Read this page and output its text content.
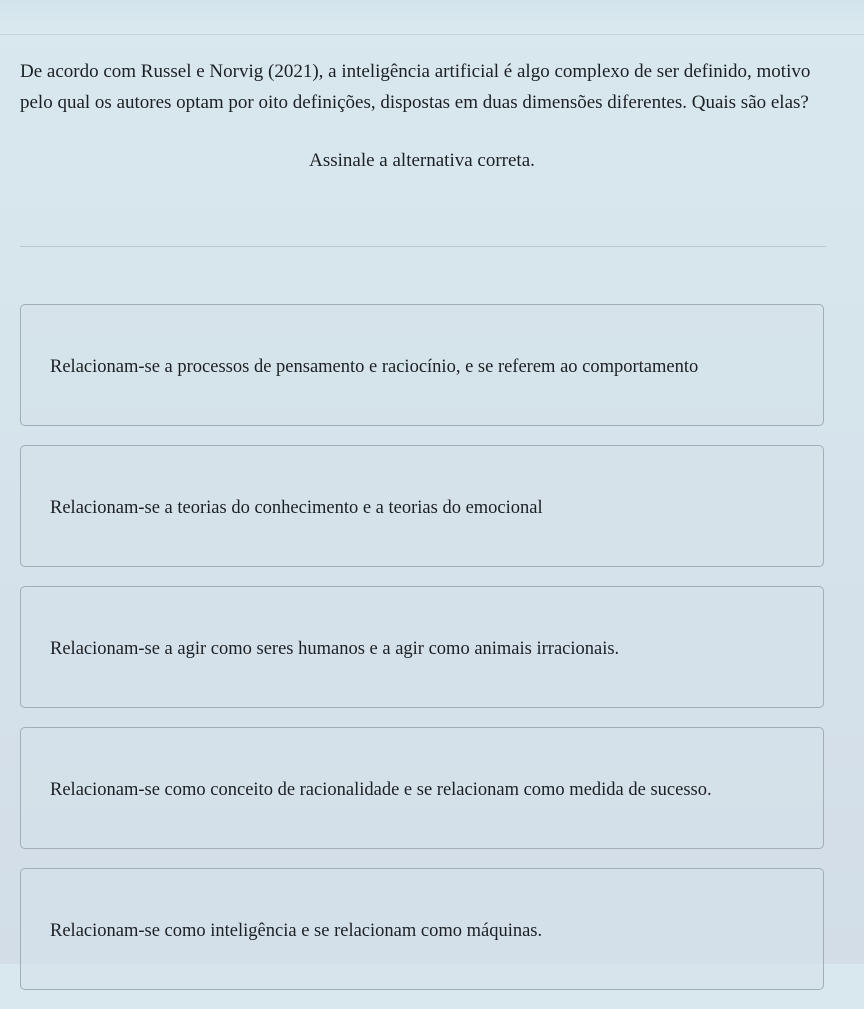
De acordo com Russel e Norvig (2021), a inteligência artificial é algo complexo de ser definido, motivo pelo qual os autores optam por oito definições, dispostas em duas dimensões diferentes. Quais são elas?

Assinale a alternativa correta.

Relacionam-se a processos de pensamento e raciocínio, e se referem ao comportamento
Relacionam-se a teorias do conhecimento e a teorias do emocional
Relacionam-se a agir como seres humanos e a agir como animais irracionais.
Relacionam-se como conceito de racionalidade e se relacionam como medida de sucesso.
Relacionam-se como inteligência e se relacionam como máquinas.
